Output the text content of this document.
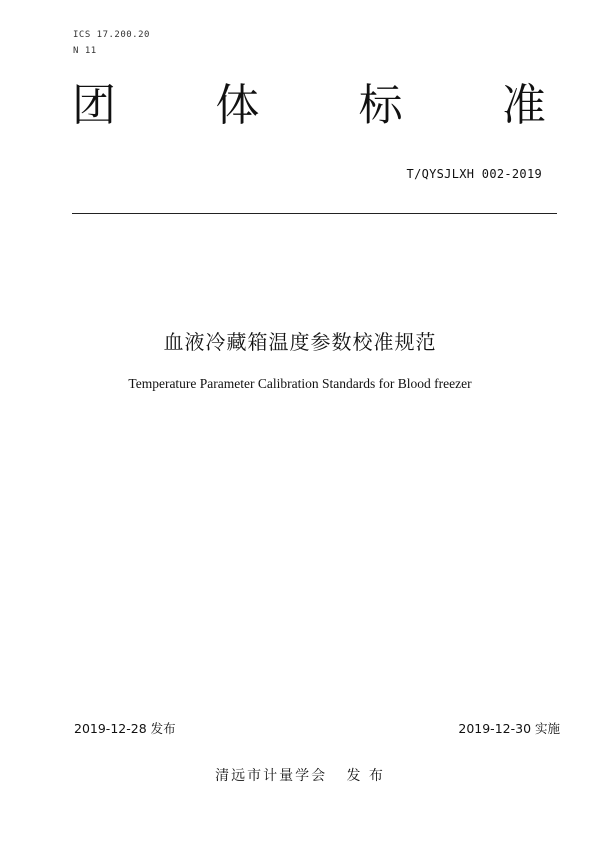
ICS 17.200.20
N 11
团 体 标 准
T/QYSJLXH 002-2019
血液冷藏箱温度参数校准规范
Temperature Parameter Calibration Standards for Blood freezer
2019-12-28 发布	2019-12-30 实施
清远市计量学会 发 布
